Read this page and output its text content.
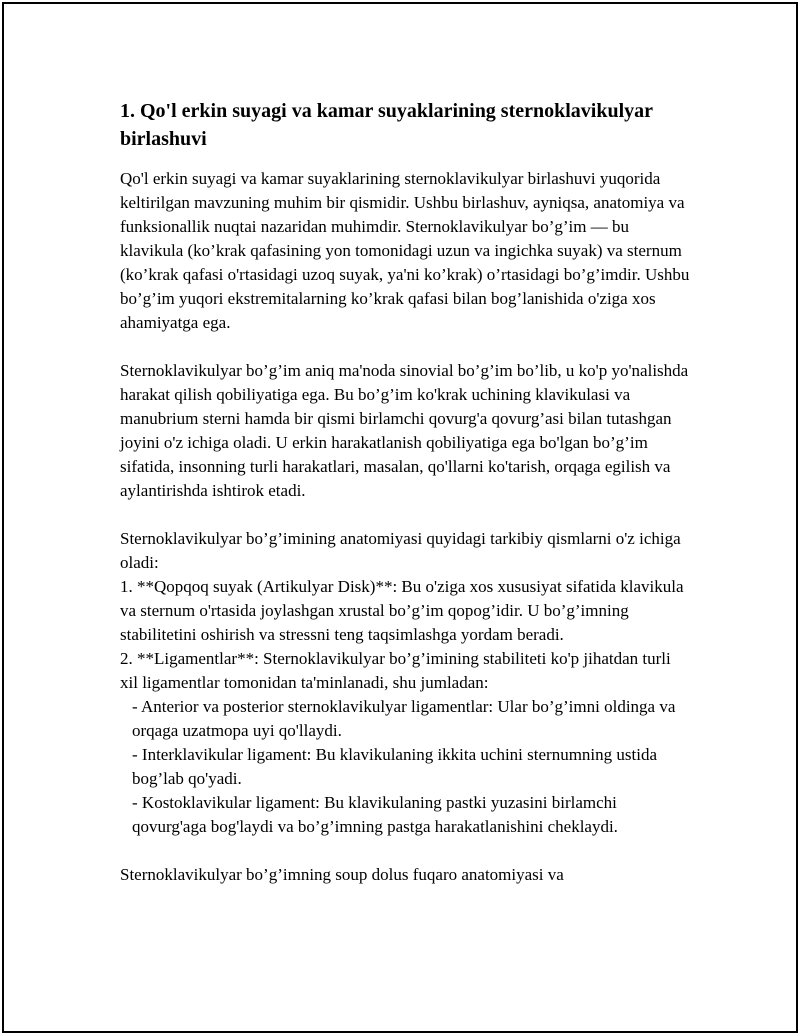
1. Qo'l erkin suyagi va kamar suyaklarining sternoklavikulyar birlashuvi

Qo'l erkin suyagi va kamar suyaklarining sternoklavikulyar birlashuvi yuqorida keltirilgan mavzuning muhim bir qismidir. Ushbu birlashuv, ayniqsa, anatomiya va funksionallik nuqtai nazaridan muhimdir. Sternoklavikulyar bo’g’im — bu klavikula (ko’krak qafasining yon tomonidagi uzun va ingichka suyak) va sternum (ko’krak qafasi o'rtasidagi uzoq suyak, ya'ni ko’krak) o’rtasidagi bo’g’imdir. Ushbu bo’g’im yuqori ekstremitalarning ko’krak qafasi bilan bog’lanishida o'ziga xos ahamiyatga ega.

Sternoklavikulyar bo’g’im aniq ma'noda sinovial bo’g’im bo’lib, u ko'p yo'nalishda harakat qilish qobiliyatiga ega. Bu bo’g’im ko'krak uchining klavikulasi va manubrium sterni hamda bir qismi birlamchi qovurg'a qovurg’asi bilan tutashgan joyini o'z ichiga oladi. U erkin harakatlanish qobiliyatiga ega bo'lgan bo’g’im sifatida, insonning turli harakatlari, masalan, qo'llarni ko'tarish, orqaga egilish va aylantirishda ishtirok etadi.

Sternoklavikulyar bo’g’imining anatomiyasi quyidagi tarkibiy qismlarni o'z ichiga oladi:
1. **Qopqoq suyak (Artikulyar Disk)**: Bu o'ziga xos xususiyat sifatida klavikula va sternum o'rtasida joylashgan xrustal bo’g’im qopog’idir. U bo’g’imning stabilitetini oshirish va stressni teng taqsimlashga yordam beradi.
2. **Ligamentlar**: Sternoklavikulyar bo’g’imining stabiliteti ko'p jihatdan turli xil ligamentlar tomonidan ta'minlanadi, shu jumladan:
- Anterior va posterior sternoklavikulyar ligamentlar: Ular bo’g’imni oldinga va orqaga uzatmopa uyi qo'llaydi.
- Interklavikular ligament: Bu klavikulaning ikkita uchini sternumning ustida bog’lab qo'yadi.
- Kostoklavikular ligament: Bu klavikulaning pastki yuzasini birlamchi qovurg'aga bog'laydi va bo’g’imning pastga harakatlanishini cheklaydi.

Sternoklavikulyar bo’g’imning soup dolus fuqaro anatomiyasi va
